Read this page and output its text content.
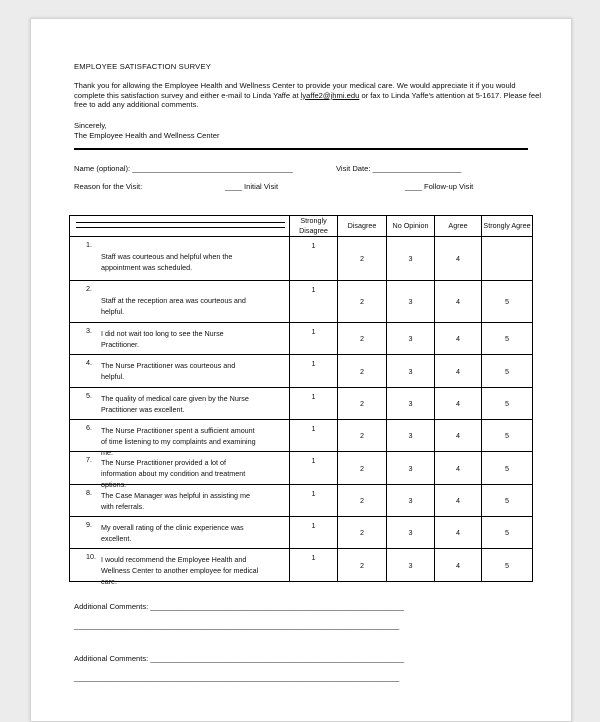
EMPLOYEE SATISFACTION SURVEY
Thank you for allowing the Employee Health and Wellness Center to provide your medical care. We would appreciate it if you would complete this satisfaction survey and either e-mail to Linda Yaffe at lyaffe2@jhmi.edu or fax to Linda Yaffe's attention at 5-1617. Please feel free to add any additional comments.
Sincerely,
The Employee Health and Wellness Center
Name (optional): ______________________________________	Visit Date: _____________________
Reason for the Visit:	____ Initial Visit	____ Follow-up Visit
	Strongly Disagree	Disagree	No Opinion	Agree	Strongly Agree

1.
Staff was courteous and helpful when the appointment was scheduled.	1	2	3	4	

2.
Staff at the reception area was courteous and helpful.	1	2	3	4	5

3. I did not wait too long to see the Nurse Practitioner.	1	2	3	4	5

4. The Nurse Practitioner was courteous and helpful.	1	2	3	4	5

5. The quality of medical care given by the Nurse Practitioner was excellent.	1	2	3	4	5

6. The Nurse Practitioner spent a sufficient amount of time listening to my complaints and examining me.	1	2	3	4	5

7. The Nurse Practitioner provided a lot of information about my condition and treatment options.	1	2	3	4	5

8. The Case Manager was helpful in assisting me with referrals.	1	2	3	4	5

9. My overall rating of the clinic experience was excellent.	1	2	3	4	5

10. I would recommend the Employee Health and Wellness Center to another employee for medical care.	1	2	3	4	5
Additional Comments: ____________________________________________________________
_____________________________________________________________________________
Additional Comments: ____________________________________________________________
_____________________________________________________________________________
